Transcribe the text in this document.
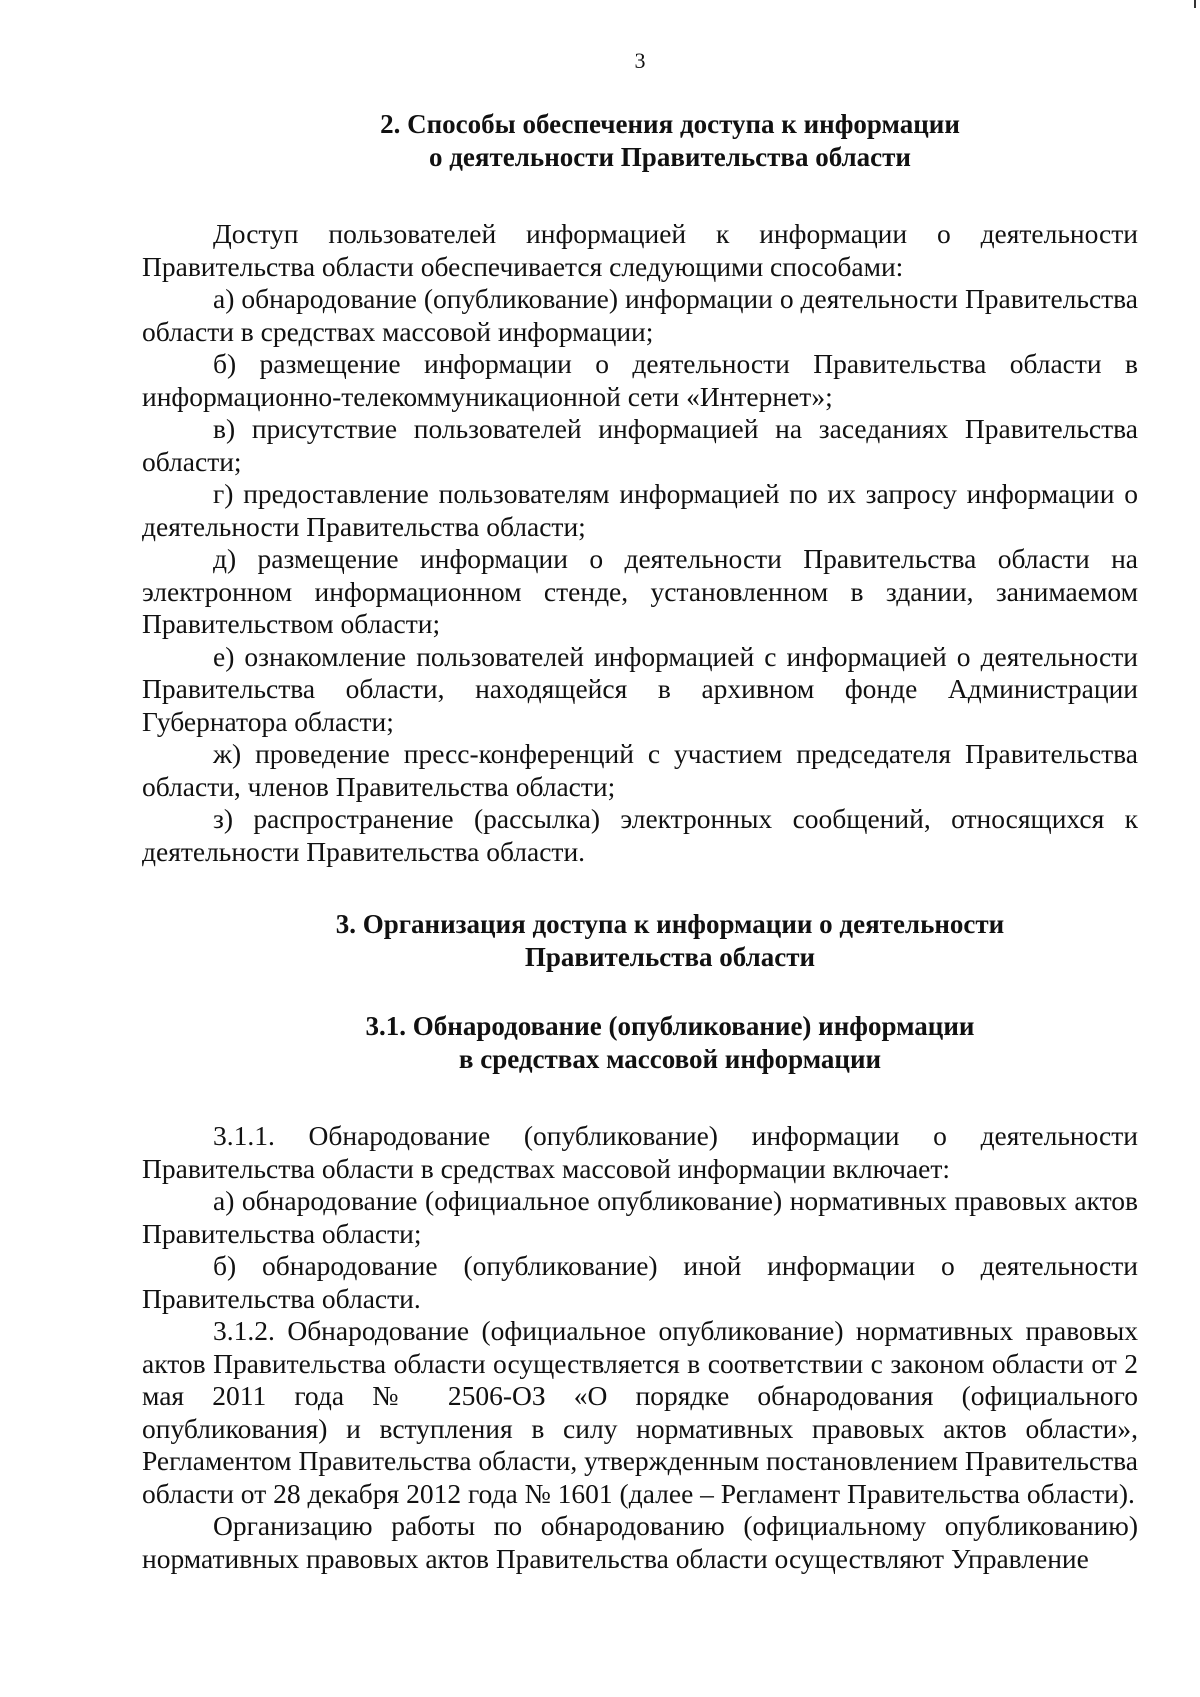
3
2. Способы обеспечения доступа к информации
о деятельности Правительства области

Доступ пользователей информацией к информации о деятельности Правительства области обеспечивается следующими способами:

а) обнародование (опубликование) информации о деятельности Правительства области в средствах массовой информации;

б) размещение информации о деятельности Правительства области в информационно-телекоммуникационной сети «Интернет»;

в) присутствие пользователей информацией на заседаниях Правительства области;

г) предоставление пользователям информацией по их запросу информации о деятельности Правительства области;

д) размещение информации о деятельности Правительства области на электронном информационном стенде, установленном в здании, занимаемом Правительством области;

е) ознакомление пользователей информацией с информацией о деятельности Правительства области, находящейся в архивном фонде Администрации Губернатора области;

ж) проведение пресс-конференций с участием председателя Правительства области, членов Правительства области;

з) распространение (рассылка) электронных сообщений, относящихся к деятельности Правительства области.

3. Организация доступа к информации о деятельности
Правительства области
3.1. Обнародование (опубликование) информации
в средствах массовой информации

3.1.1. Обнародование (опубликование) информации о деятельности Правительства области в средствах массовой информации включает:

а) обнародование (официальное опубликование) нормативных правовых актов Правительства области;

б) обнародование (опубликование) иной информации о деятельности Правительства области.

3.1.2. Обнародование (официальное опубликование) нормативных правовых актов Правительства области осуществляется в соответствии с законом области от 2 мая 2011 года № 2506-ОЗ «О порядке обнародования (официального опубликования) и вступления в силу нормативных правовых актов области», Регламентом Правительства области, утвержденным постановлением Правительства области от 28 декабря 2012 года № 1601 (далее – Регламент Правительства области).

Организацию работы по обнародованию (официальному опубликованию) нормативных правовых актов Правительства области осуществляют Управление
